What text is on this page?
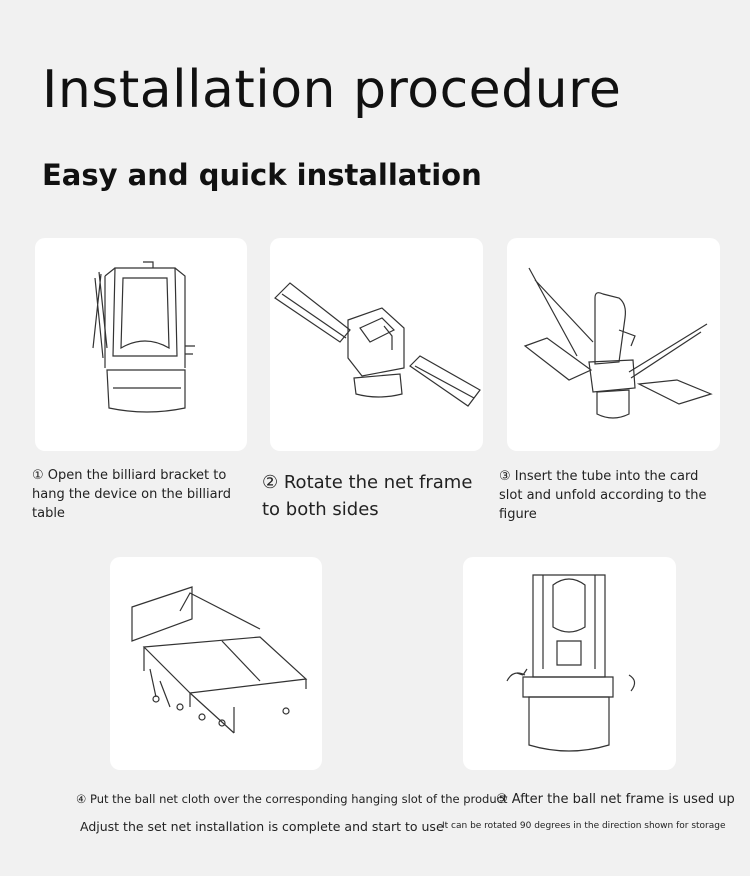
Installation procedure
Easy and quick installation
① Open the billiard bracket to hang the device on the billiard table
② Rotate the net frame to both sides
③ Insert the tube into the card slot and unfold according to the figure
④ Put the ball net cloth over the corresponding hanging slot of the product
Adjust the set net installation is complete and start to use
⑤ After the ball net frame is used up
It can be rotated 90 degrees in the direction shown for storage
